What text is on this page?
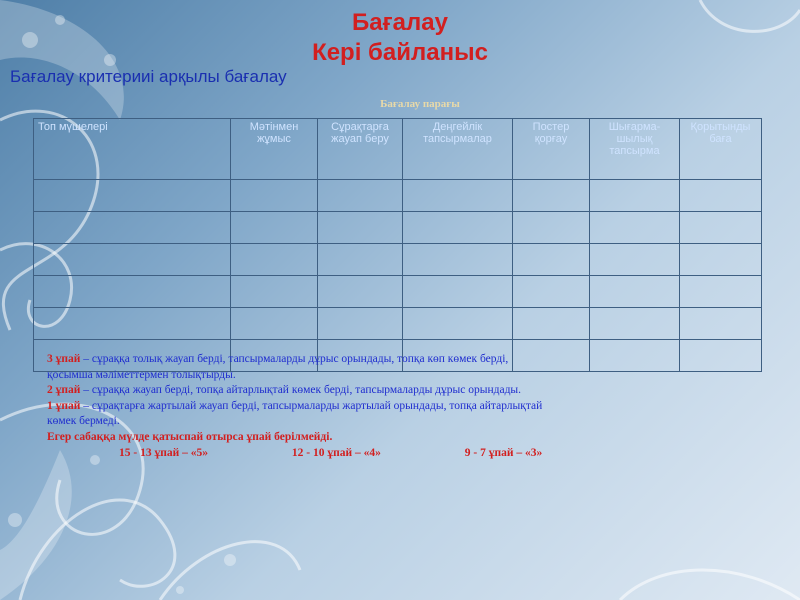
Бағалау
Кері байланыс
Бағалау критерииі арқылы бағалау
Бағалау парағы
Топ мүшелері	Мәтінмен жұмыс	Сұрақтарға жауап беру	Деңгейлік тапсырмалар	Постер қорғау	Шығарма-шылық тапсырма	Қорытынды баға

3 ұпай – сұраққа толық жауап берді, тапсырмаларды дұрыс орындады, топқа көп көмек берді,
қосымша мәліметтермен толықтырды.
2 ұпай – сұраққа жауап берді, топқа айтарлықтай көмек берді, тапсырмаларды дұрыс орындады.
1 ұпай – сұрақтарға жартылай жауап берді, тапсырмаларды жартылай орындады, топқа айтарлықтай
көмек бермеді.
Егер сабаққа мүлде қатыспай отырса ұпай берілмейді.
15 - 13 ұпай – «5»	12 - 10 ұпай – «4»	9 - 7 ұпай – «3»
